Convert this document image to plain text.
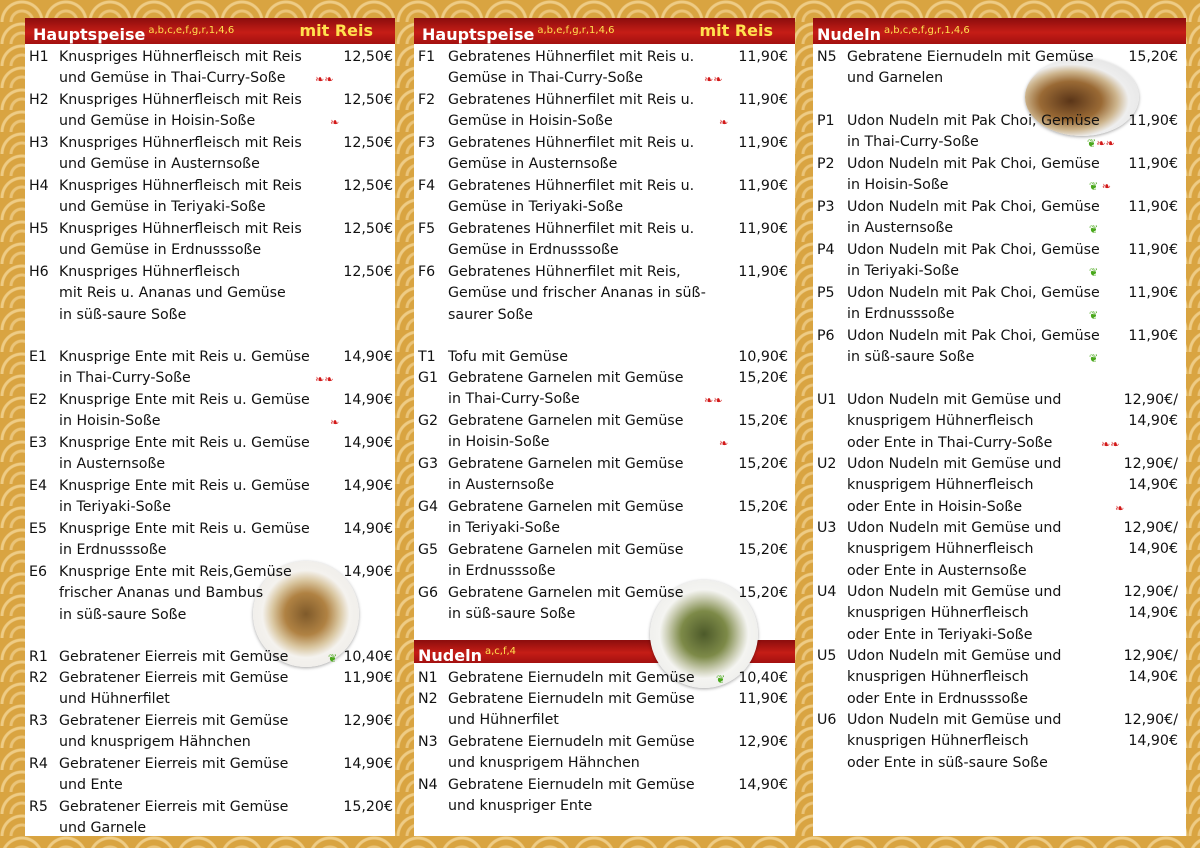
Hauptspeise $^{a,b,c,e,f,g,r,1,4,6}$	mit Reis
H1 Knuspriges Hühnerfleisch mit Reis
und Gemüse in Thai-Curry-Soße
12,50€
❧❧
H2 Knuspriges Hühnerfleisch mit Reis
und Gemüse in Hoisin-Soße
12,50€
❧
H3 Knuspriges Hühnerfleisch mit Reis
und Gemüse in Austernsoße
12,50€
H4 Knuspriges Hühnerfleisch mit Reis
und Gemüse in Teriyaki-Soße
12,50€
H5 Knuspriges Hühnerfleisch mit Reis
und Gemüse in Erdnusssoße
12,50€
H6 Knuspriges Hühnerfleisch
mit Reis u. Ananas und Gemüse
in süß-saure Soße
12,50€
E1 Knusprige Ente mit Reis u. Gemüse
in Thai-Curry-Soße
14,90€
❧❧
E2 Knusprige Ente mit Reis u. Gemüse
in Hoisin-Soße
14,90€
❧
E3 Knusprige Ente mit Reis u. Gemüse
in Austernsoße
14,90€
E4 Knusprige Ente mit Reis u. Gemüse
in Teriyaki-Soße
14,90€
E5 Knusprige Ente mit Reis u. Gemüse
in Erdnusssoße
14,90€
E6 Knusprige Ente mit Reis,Gemüse
frischer Ananas und Bambus
in süß-saure Soße
14,90€
R1 Gebratener Eierreis mit Gemüse	10,40€
❦
R2 Gebratener Eierreis mit Gemüse
und Hühnerfilet
11,90€
R3 Gebratener Eierreis mit Gemüse
und knusprigem Hähnchen
12,90€
R4 Gebratener Eierreis mit Gemüse
und Ente
14,90€
R5 Gebratener Eierreis mit Gemüse
und Garnele
15,20€
Hauptspeise $^{a,b,e,f,g,r,1,4,6}$	mit Reis
Nudeln $^{a,c,f,4}$
F1 Gebratenes Hühnerfilet mit Reis u.
Gemüse in Thai-Curry-Soße
11,90€
❧❧
F2 Gebratenes Hühnerfilet mit Reis u.
Gemüse in Hoisin-Soße
11,90€
❧
F3 Gebratenes Hühnerfilet mit Reis u.
Gemüse in Austernsoße
11,90€
F4 Gebratenes Hühnerfilet mit Reis u.
Gemüse in Teriyaki-Soße
11,90€
F5 Gebratenes Hühnerfilet mit Reis u.
Gemüse in Erdnusssoße
11,90€
F6 Gebratenes Hühnerfilet mit Reis,
Gemüse und frischer Ananas in süß-
saurer Soße
11,90€
T1 Tofu mit Gemüse	10,90€
G1 Gebratene Garnelen mit Gemüse
in Thai-Curry-Soße
15,20€
❧❧
G2 Gebratene Garnelen mit Gemüse
in Hoisin-Soße
15,20€
❧
G3 Gebratene Garnelen mit Gemüse
in Austernsoße
15,20€
G4 Gebratene Garnelen mit Gemüse
in Teriyaki-Soße
15,20€
G5 Gebratene Garnelen mit Gemüse
in Erdnusssoße
15,20€
G6 Gebratene Garnelen mit Gemüse
in süß-saure Soße
15,20€
N1 Gebratene Eiernudeln mit Gemüse	10,40€
❦
N2 Gebratene Eiernudeln mit Gemüse
und Hühnerfilet
11,90€
N3 Gebratene Eiernudeln mit Gemüse
und knusprigem Hähnchen
12,90€
N4 Gebratene Eiernudeln mit Gemüse
und knuspriger Ente
14,90€
Nudeln $^{a,b,c,e,f,g,r,1,4,6}$
N5 Gebratene Eiernudeln mit Gemüse
und Garnelen
15,20€
P1 Udon Nudeln mit Pak Choi, Gemüse
in Thai-Curry-Soße
11,90€
❦❧❧
P2 Udon Nudeln mit Pak Choi, Gemüse
in Hoisin-Soße
11,90€
❦ ❧
P3 Udon Nudeln mit Pak Choi, Gemüse
in Austernsoße
11,90€
❦
P4 Udon Nudeln mit Pak Choi, Gemüse
in Teriyaki-Soße
11,90€
❦
P5 Udon Nudeln mit Pak Choi, Gemüse
in Erdnusssoße
11,90€
❦
P6 Udon Nudeln mit Pak Choi, Gemüse
in süß-saure Soße
11,90€
❦
U1 Udon Nudeln mit Gemüse und
knusprigem Hühnerfleisch
oder Ente in Thai-Curry-Soße
12,90€/
14,90€
❧❧
U2 Udon Nudeln mit Gemüse und
knusprigem Hühnerfleisch
oder Ente in Hoisin-Soße
12,90€/
14,90€
❧
U3 Udon Nudeln mit Gemüse und
knusprigem Hühnerfleisch
oder Ente in Austernsoße
12,90€/
14,90€
U4 Udon Nudeln mit Gemüse und
knusprigen Hühnerfleisch
oder Ente in Teriyaki-Soße
12,90€/
14,90€
U5 Udon Nudeln mit Gemüse und
knusprigen Hühnerfleisch
oder Ente in Erdnusssoße
12,90€/
14,90€
U6 Udon Nudeln mit Gemüse und
knusprigen Hühnerfleisch
oder Ente in süß-saure Soße
12,90€/
14,90€
